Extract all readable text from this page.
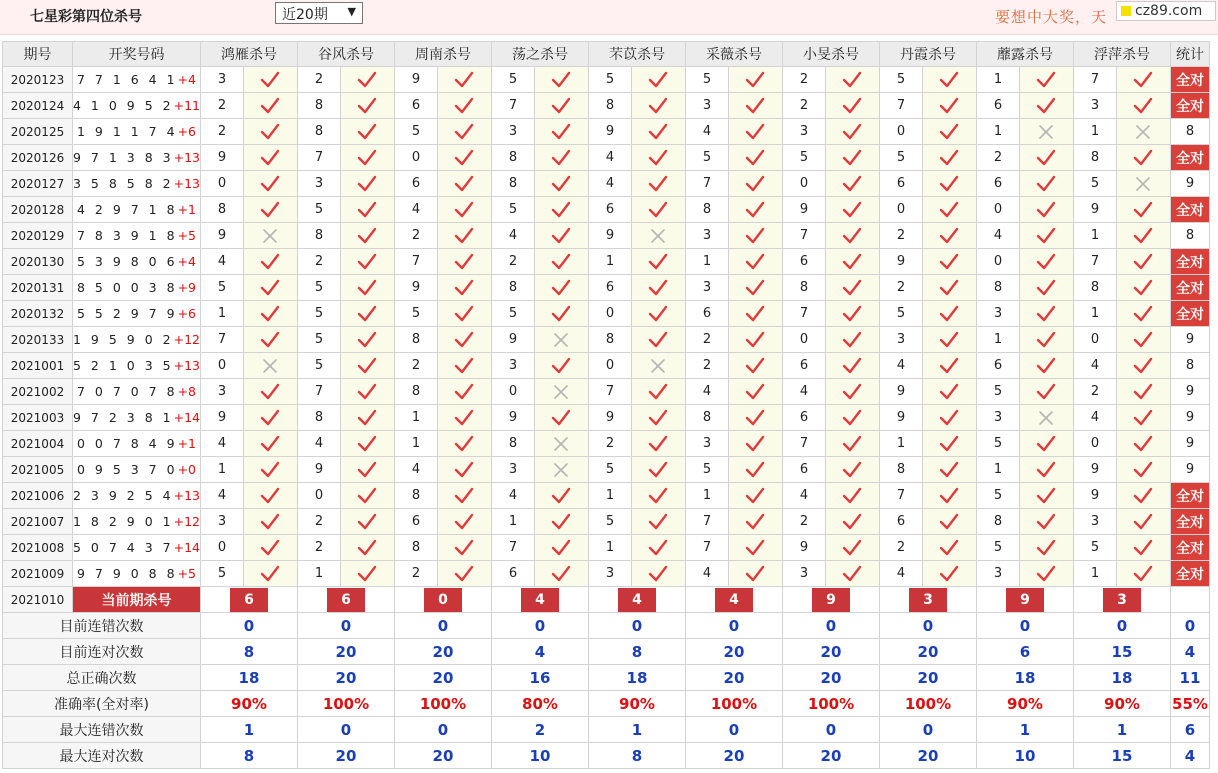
七星彩第四位杀号	近20期 ▼	要想中大奖，天 cz89.com
期号	开奖号码	鸿雁杀号		谷风杀号		周南杀号		荡之杀号		芣苡杀号		采薇杀号		小旻杀号		丹霞杀号		蘼露杀号		浮萍杀号		统计
2020123	7 7 1 6 4 1+4	3		2		9		5		5		5		2		5		1		7		全对
2020124	4 1 0 9 5 2+11	2		8		6		7		8		3		2		7		6		3		全对
2020125	1 9 1 1 7 4+6	2		8		5		3		9		4		3		0		1		1		8
2020126	9 7 1 3 8 3+13	9		7		0		8		4		5		5		5		2		8		全对
2020127	3 5 8 5 8 2+13	0		3		6		8		4		7		0		6		6		5		9
2020128	4 2 9 7 1 8+1	8		5		4		5		6		8		9		0		0		9		全对
2020129	7 8 3 9 1 8+5	9		8		2		4		9		3		7		2		4		1		8
2020130	5 3 9 8 0 6+4	4		2		7		2		1		1		6		9		0		7		全对
2020131	8 5 0 0 3 8+9	5		5		9		8		6		3		8		2		8		8		全对
2020132	5 5 2 9 7 9+6	1		5		5		5		0		6		7		5		3		1		全对
2020133	1 9 5 9 0 2+12	7		5		8		9		8		2		0		3		1		0		9
2021001	5 2 1 0 3 5+13	0		5		2		3		0		2		6		4		6		4		8
2021002	7 0 7 0 7 8+8	3		7		8		0		7		4		4		9		5		2		9
2021003	9 7 2 3 8 1+14	9		8		1		9		9		8		6		9		3		4		9
2021004	0 0 7 8 4 9+1	4		4		1		8		2		3		7		1		5		0		9
2021005	0 9 5 3 7 0+0	1		9		4		3		5		5		6		8		1		9		9
2021006	2 3 9 2 5 4+13	4		0		8		4		1		1		4		7		5		9		全对
2021007	1 8 2 9 0 1+12	3		2		6		1		5		7		2		6		8		3		全对
2021008	5 0 7 4 3 7+14	0		2		8		7		1		7		9		2		5		5		全对
2021009	9 7 9 0 8 8+5	5		1		2		6		3		4		3		4		3		1		全对
2021010	当前期杀号	6		6		0		4		4		4		9		3		9		3		
目前连错次数		0		0		0		0		0		0		0		0		0		0		0
目前连对次数		8		20		20		4		8		20		20		20		6		15		4
总正确次数		18		20		20		16		18		20		20		20		18		18		11
准确率(全对率)		90%		100%		100%		80%		90%		100%		100%		100%		90%		90%		55%
最大连错次数		1		0		0		2		1		0		0		0		1		1		6
最大连对次数		8		20		20		10		8		20		20		20		10		15		4
